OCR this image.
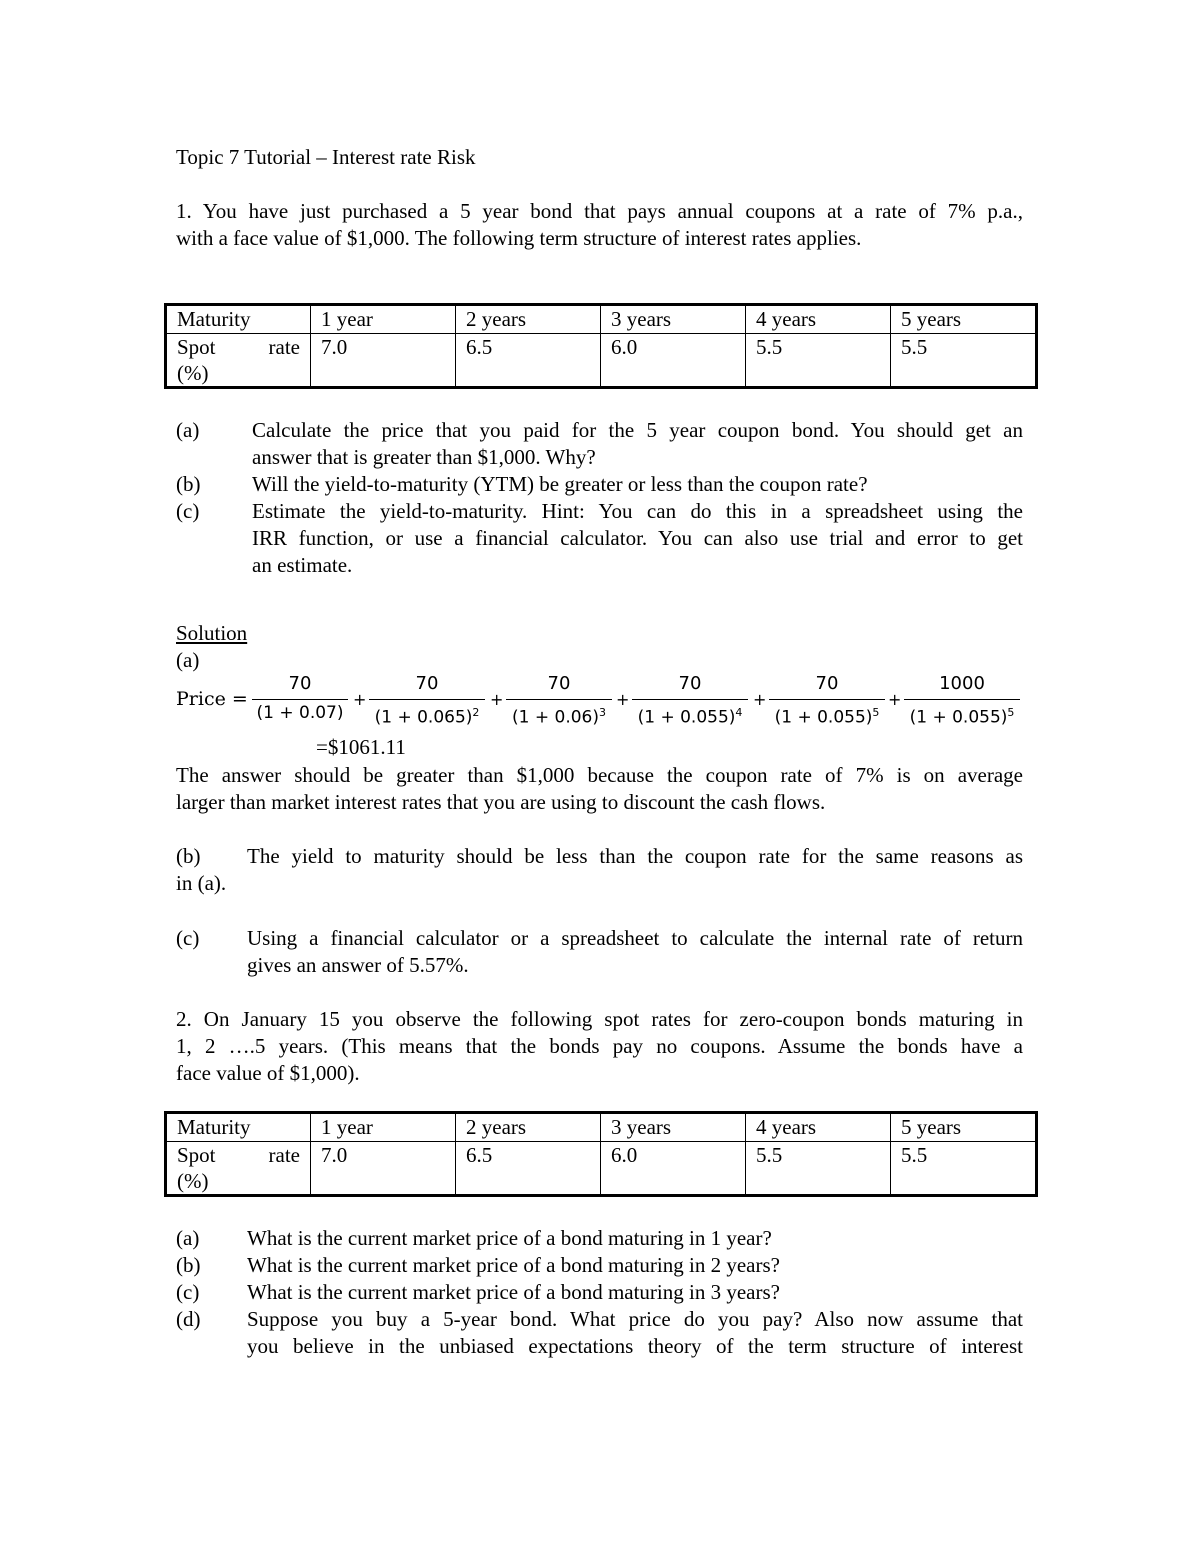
Topic 7 Tutorial – Interest rate Risk
1. You have just purchased a 5 year bond that pays annual coupons at a rate of 7% p.a.,
with a face value of $1,000. The following term structure of interest rates applies.
Maturity	1 year	2 years	3 years	4 years	5 years

Spot rate
(%)	7.0	6.5	6.0	5.5	5.5
(a)	Calculate the price that you paid for the 5 year coupon bond. You should get an
answer that is greater than $1,000. Why?
(b) Will the yield-to-maturity (YTM) be greater or less than the coupon rate?
(c)	Estimate the yield-to-maturity. Hint: You can do this in a spreadsheet using the
IRR function, or use a financial calculator. You can also use trial and error to get
an estimate.
Solution
(a)
Price =
70
(1 + 0.07)
+
70
$(1 + 0.065)^2$
+
70
$(1 + 0.06)^3$
+
70
$(1 + 0.055)^4$
+
70
$(1 + 0.055)^5$
+
1000
$(1 + 0.055)^5$
=$1061.11
The answer should be greater than $1,000 because the coupon rate of 7% is on average
larger than market interest rates that you are using to discount the cash flows.
(b) The yield to maturity should be less than the coupon rate for the same reasons as
in (a).
(c) Using a financial calculator or a spreadsheet to calculate the internal rate of return
gives an answer of 5.57%.
2. On January 15 you observe the following spot rates for zero-coupon bonds maturing in
1, 2 ….5 years. (This means that the bonds pay no coupons. Assume the bonds have a
face value of $1,000).
Maturity	1 year	2 years	3 years	4 years	5 years

Spot rate
(%)	7.0	6.5	6.0	5.5	5.5
(a) What is the current market price of a bond maturing in 1 year?
(b) What is the current market price of a bond maturing in 2 years?
(c) What is the current market price of a bond maturing in 3 years?
(d) Suppose you buy a 5-year bond. What price do you pay? Also now assume that
you believe in the unbiased expectations theory of the term structure of interest
